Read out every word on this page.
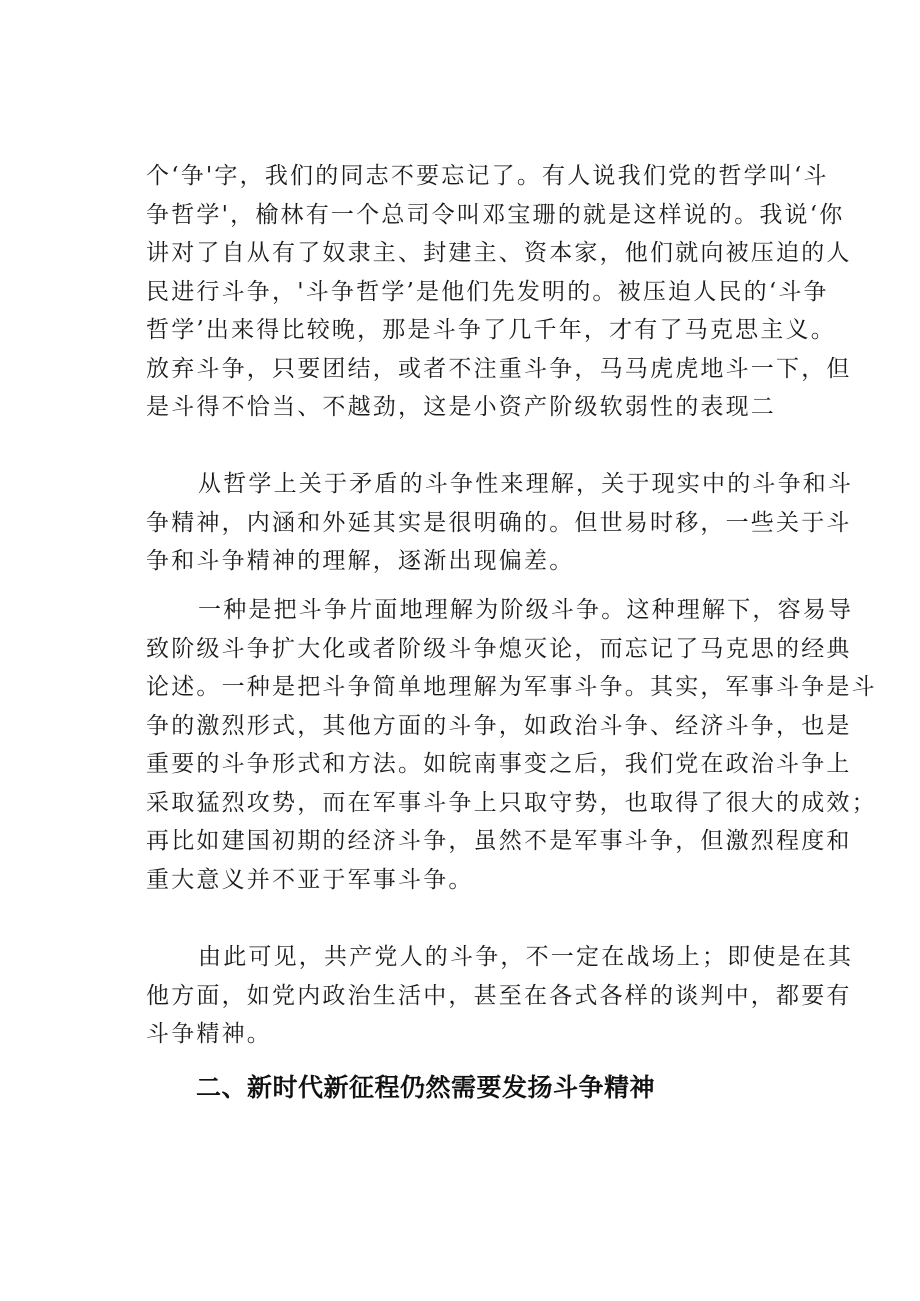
个‘争'字，我们的同志不要忘记了。有人说我们党的哲学叫‘斗
争哲学'，榆林有一个总司令叫邓宝珊的就是这样说的。我说‘你
讲对了自从有了奴隶主、封建主、资本家，他们就向被压迫的人
民进行斗争，'斗争哲学’是他们先发明的。被压迫人民的‘斗争
哲学’出来得比较晚，那是斗争了几千年，才有了马克思主义。
放弃斗争，只要团结，或者不注重斗争，马马虎虎地斗一下，但
是斗得不恰当、不越劲，这是小资产阶级软弱性的表现二
从哲学上关于矛盾的斗争性来理解，关于现实中的斗争和斗
争精神，内涵和外延其实是很明确的。但世易时移，一些关于斗
争和斗争精神的理解，逐渐出现偏差。
一种是把斗争片面地理解为阶级斗争。这种理解下，容易导
致阶级斗争扩大化或者阶级斗争熄灭论，而忘记了马克思的经典
论述。一种是把斗争简单地理解为军事斗争。其实，军事斗争是斗
争的激烈形式，其他方面的斗争，如政治斗争、经济斗争，也是
重要的斗争形式和方法。如皖南事变之后，我们党在政治斗争上
采取猛烈攻势，而在军事斗争上只取守势，也取得了很大的成效；
再比如建国初期的经济斗争，虽然不是军事斗争，但激烈程度和
重大意义并不亚于军事斗争。
由此可见，共产党人的斗争，不一定在战场上；即使是在其
他方面，如党内政治生活中，甚至在各式各样的谈判中，都要有
斗争精神。
二、新时代新征程仍然需要发扬斗争精神
